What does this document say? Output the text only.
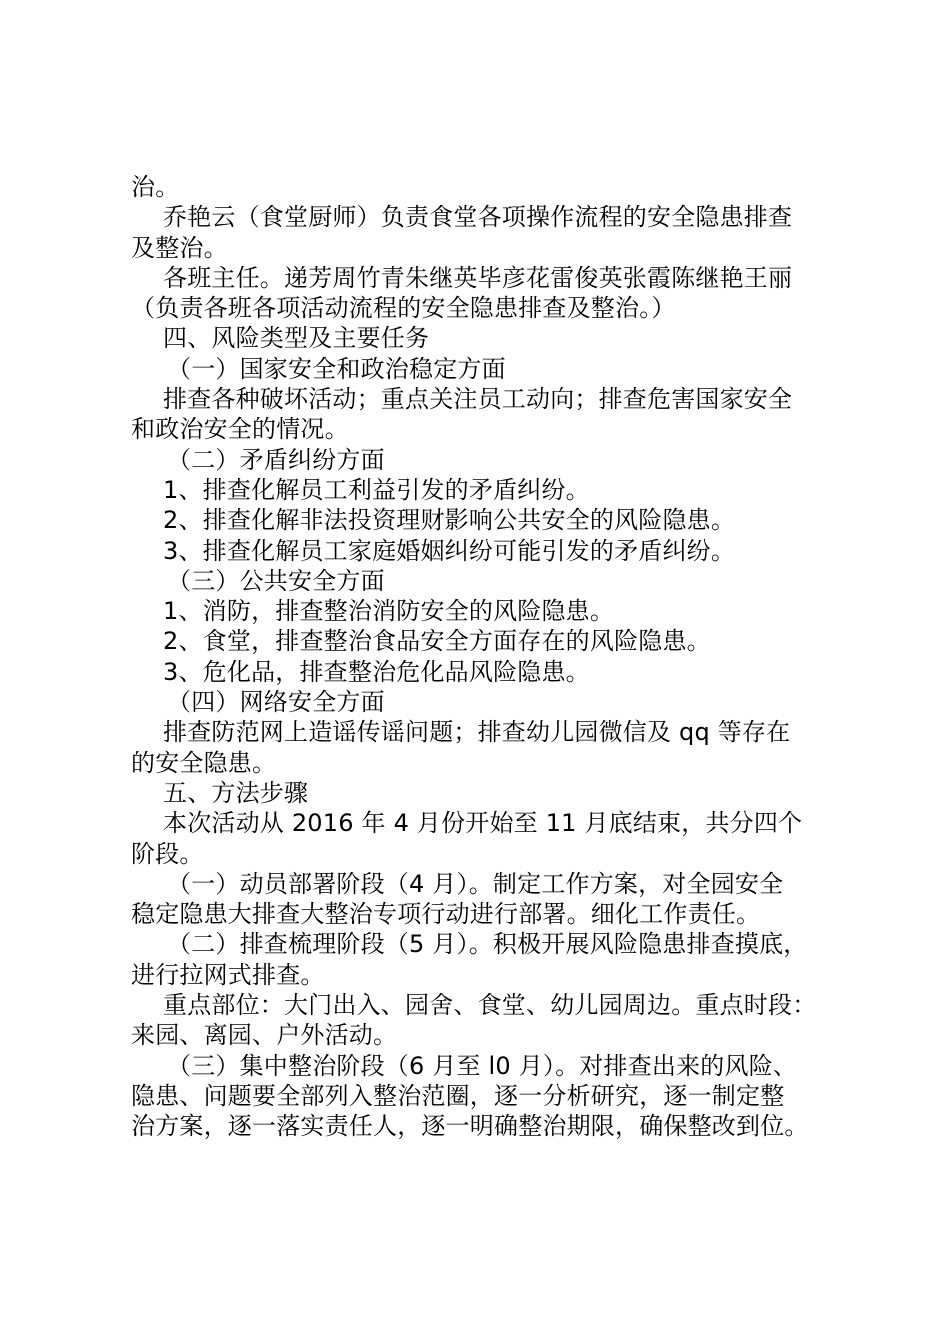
治。
乔艳云（食堂厨师）负责食堂各项操作流程的安全隐患排查
及整治。
各班主任。递芳周竹青朱继英毕彦花雷俊英张霞陈继艳王丽
（负责各班各项活动流程的安全隐患排查及整治。）
四、风险类型及主要任务
（一）国家安全和政治稳定方面
排查各种破坏活动；重点关注员工动向；排查危害国家安全
和政治安全的情况。
（二）矛盾纠纷方面
1、排查化解员工利益引发的矛盾纠纷。
2、排查化解非法投资理财影响公共安全的风险隐患。
3、排查化解员工家庭婚姻纠纷可能引发的矛盾纠纷。
（三）公共安全方面
1、消防，排查整治消防安全的风险隐患。
2、食堂，排查整治食品安全方面存在的风险隐患。
3、危化品，排查整治危化品风险隐患。
（四）网络安全方面
排查防范网上造谣传谣问题；排查幼儿园微信及 qq 等存在
的安全隐患。
五、方法步骤
本次活动从 2016 年 4 月份开始至 11 月底结束，共分四个
阶段。
（一）动员部署阶段（4 月）。制定工作方案，对全园安全
稳定隐患大排查大整治专项行动进行部署。细化工作责任。
（二）排查梳理阶段（5 月）。积极开展风险隐患排查摸底，
进行拉网式排查。
重点部位：大门出入、园舍、食堂、幼儿园周边。重点时段：
来园、离园、户外活动。
（三）集中整治阶段（6 月至 l0 月）。对排查出来的风险、
隐患、问题要全部列入整治范圈，逐一分析研究，逐一制定整
治方案，逐一落实责任人，逐一明确整治期限，确保整改到位。
